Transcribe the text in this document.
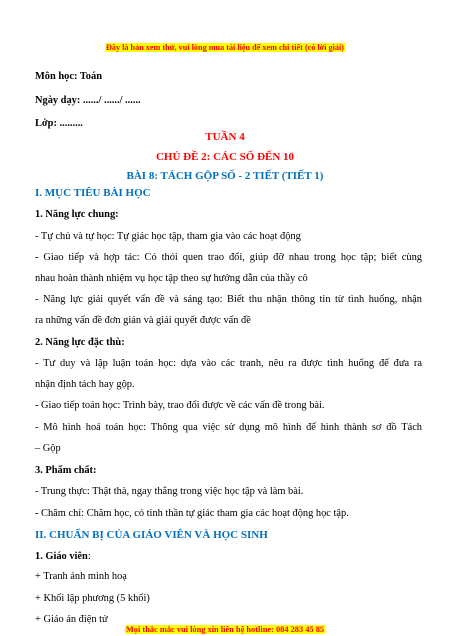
Đây là bản xem thử, vui lòng mua tài liệu để xem chi tiết (có lời giải)
Môn học: Toán
Ngày dạy: ....../ ....../ ......
Lớp: .........
TUẦN 4
CHỦ ĐỀ 2: CÁC SỐ ĐẾN 10
BÀI 8: TÁCH GỘP SỐ - 2 TIẾT (TIẾT 1)
I. MỤC TIÊU BÀI HỌC
1. Năng lực chung:
- Tự chủ và tự học: Tự giác học tập, tham gia vào các hoạt động
- Giao tiếp và hợp tác: Có thói quen trao đổi, giúp đỡ nhau trong học tập; biết cùng
nhau hoàn thành nhiệm vụ học tập theo sự hướng dẫn của thầy cô
- Năng lực giải quyết vấn đề và sáng tạo: Biết thu nhận thông tin từ tình huống, nhận
ra những vấn đề đơn giản và giải quyết được vấn đề
2. Năng lực đặc thù:
- Tư duy và lập luận toán học: dựa vào các tranh, nêu ra được tình huống để đưa ra
nhận định tách hay gộp.
- Giao tiếp toán học: Trình bày, trao đổi được về các vấn đề trong bài.
- Mô hình hoá toán học: Thông qua việc sử dụng mô hình để hình thành sơ đồ Tách
– Gộp
3. Phẩm chất:
- Trung thực: Thật thà, ngay thẳng trong việc học tập và làm bài.
- Chăm chỉ: Chăm học, có tinh thần tự giác tham gia các hoạt động học tập.
II. CHUẨN BỊ CỦA GIÁO VIÊN VÀ HỌC SINH
1. Giáo viên:
+ Tranh ảnh minh hoạ
+ Khối lập phương (5 khối)
+ Giáo án điện tử
Mọi thắc mắc vui lòng xin liên hệ hotline: 084 283 45 85
